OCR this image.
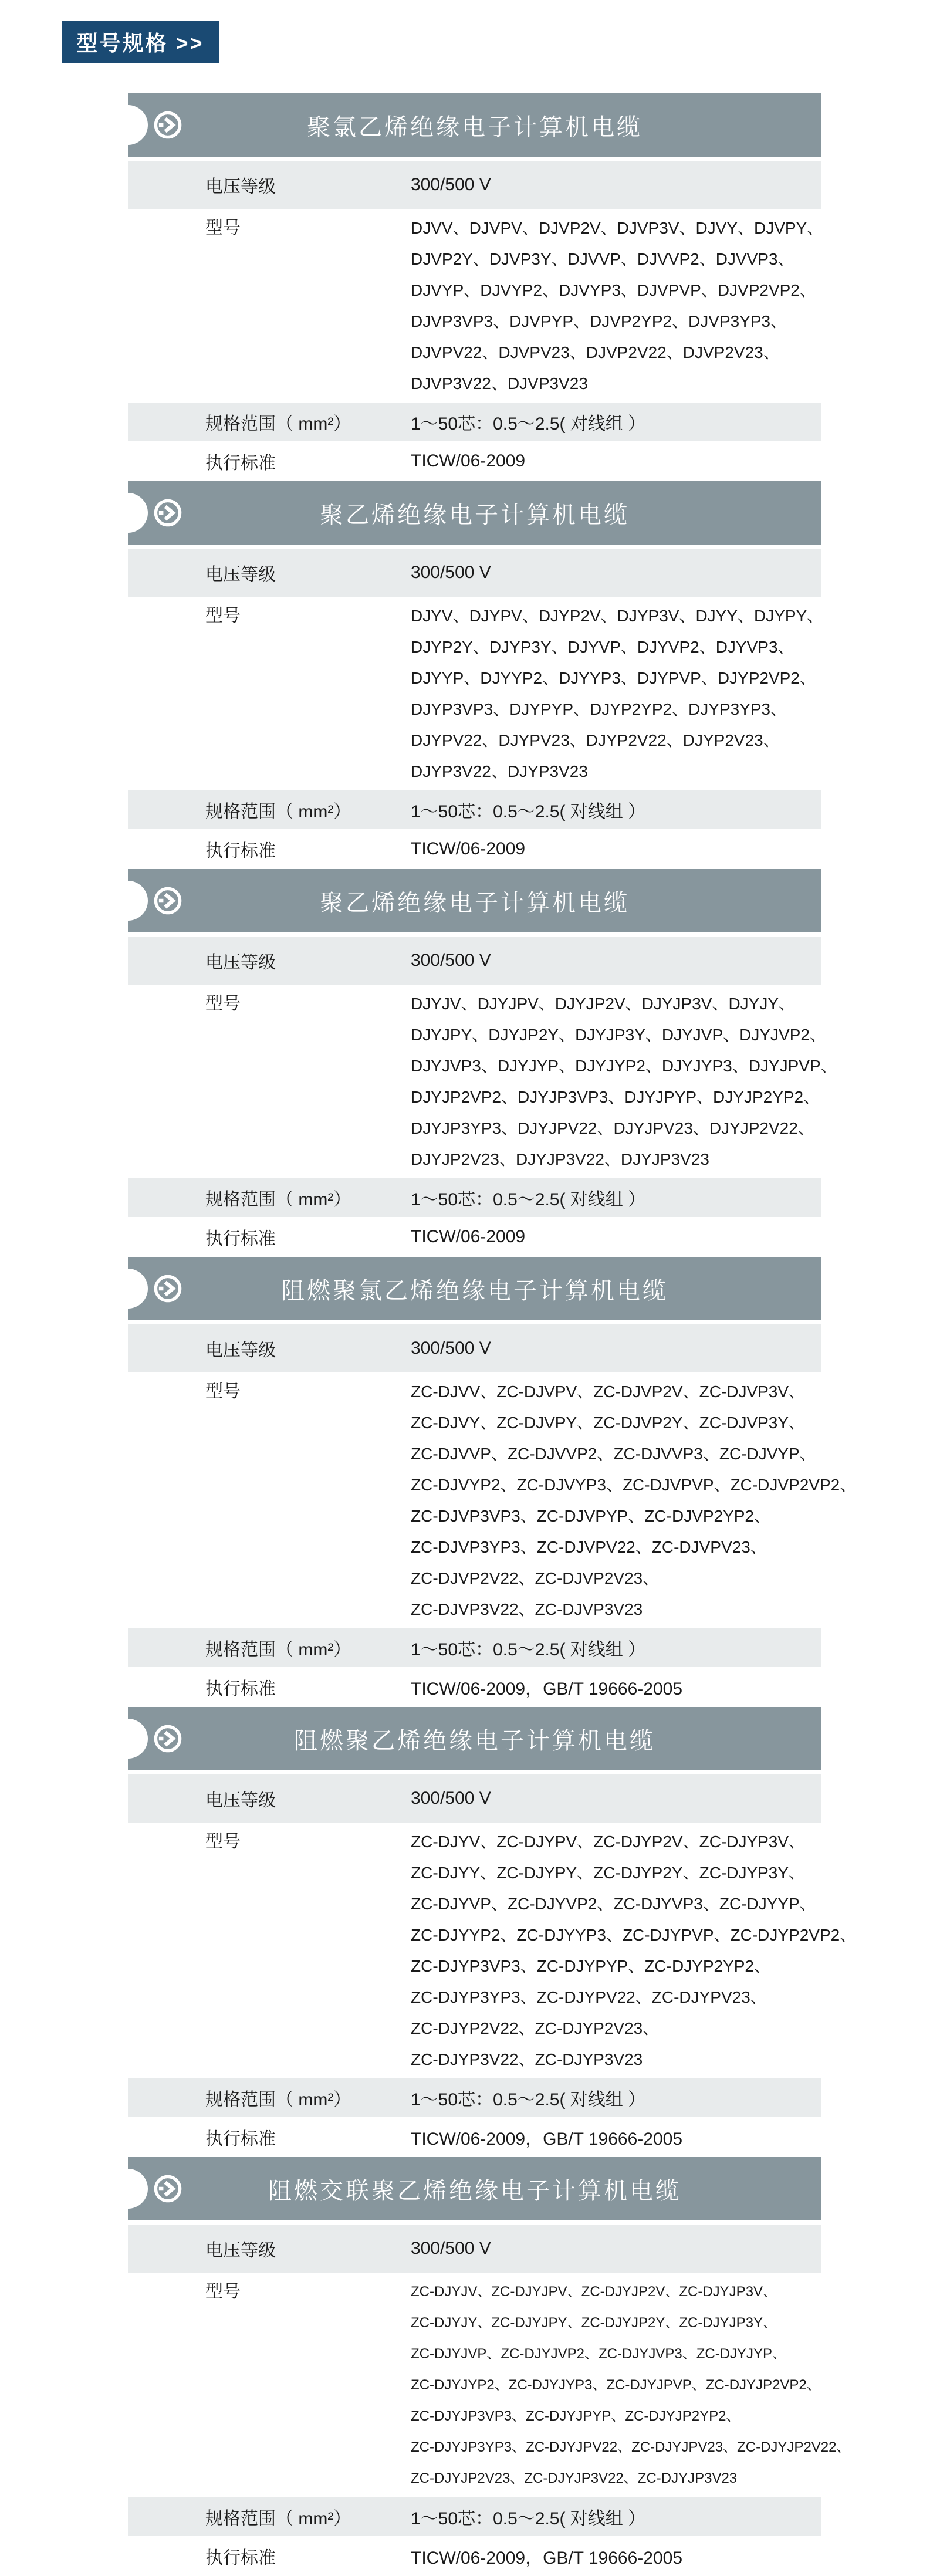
型号规格 >>
聚氯乙烯绝缘电子计算机电缆
电压等级	300/500 V
型号	DJVV、DJVPV、DJVP2V、DJVP3V、DJVY、DJVPY、
DJVP2Y、DJVP3Y、DJVVP、DJVVP2、DJVVP3、
DJVYP、DJVYP2、DJVYP3、DJVPVP、DJVP2VP2、
DJVP3VP3、DJVPYP、DJVP2YP2、DJVP3YP3、
DJVPV22、DJVPV23、DJVP2V22、DJVP2V23、
DJVP3V22、DJVP3V23
规格范围（ mm²）	1～50芯：0.5～2.5( 对线组 ）
执行标准	TICW/06-2009
聚乙烯绝缘电子计算机电缆
电压等级	300/500 V
型号	DJYV、DJYPV、DJYP2V、DJYP3V、DJYY、DJYPY、
DJYP2Y、DJYP3Y、DJYVP、DJYVP2、DJYVP3、
DJYYP、DJYYP2、DJYYP3、DJYPVP、DJYP2VP2、
DJYP3VP3、DJYPYP、DJYP2YP2、DJYP3YP3、
DJYPV22、DJYPV23、DJYP2V22、DJYP2V23、
DJYP3V22、DJYP3V23
规格范围（ mm²）	1～50芯：0.5～2.5( 对线组 ）
执行标准	TICW/06-2009
聚乙烯绝缘电子计算机电缆
电压等级	300/500 V
型号	DJYJV、DJYJPV、DJYJP2V、DJYJP3V、DJYJY、
DJYJPY、DJYJP2Y、DJYJP3Y、DJYJVP、DJYJVP2、
DJYJVP3、DJYJYP、DJYJYP2、DJYJYP3、DJYJPVP、
DJYJP2VP2、DJYJP3VP3、DJYJPYP、DJYJP2YP2、
DJYJP3YP3、DJYJPV22、DJYJPV23、DJYJP2V22、
DJYJP2V23、DJYJP3V22、DJYJP3V23
规格范围（ mm²）	1～50芯：0.5～2.5( 对线组 ）
执行标准	TICW/06-2009
阻燃聚氯乙烯绝缘电子计算机电缆
电压等级	300/500 V
型号	ZC-DJVV、ZC-DJVPV、ZC-DJVP2V、ZC-DJVP3V、
ZC-DJVY、ZC-DJVPY、ZC-DJVP2Y、ZC-DJVP3Y、
ZC-DJVVP、ZC-DJVVP2、ZC-DJVVP3、ZC-DJVYP、
ZC-DJVYP2、ZC-DJVYP3、ZC-DJVPVP、ZC-DJVP2VP2、
ZC-DJVP3VP3、ZC-DJVPYP、ZC-DJVP2YP2、
ZC-DJVP3YP3、ZC-DJVPV22、ZC-DJVPV23、
ZC-DJVP2V22、ZC-DJVP2V23、
ZC-DJVP3V22、ZC-DJVP3V23
规格范围（ mm²）	1～50芯：0.5～2.5( 对线组 ）
执行标准	TICW/06-2009，GB/T 19666-2005
阻燃聚乙烯绝缘电子计算机电缆
电压等级	300/500 V
型号	ZC-DJYV、ZC-DJYPV、ZC-DJYP2V、ZC-DJYP3V、
ZC-DJYY、ZC-DJYPY、ZC-DJYP2Y、ZC-DJYP3Y、
ZC-DJYVP、ZC-DJYVP2、ZC-DJYVP3、ZC-DJYYP、
ZC-DJYYP2、ZC-DJYYP3、ZC-DJYPVP、ZC-DJYP2VP2、
ZC-DJYP3VP3、ZC-DJYPYP、ZC-DJYP2YP2、
ZC-DJYP3YP3、ZC-DJYPV22、ZC-DJYPV23、
ZC-DJYP2V22、ZC-DJYP2V23、
ZC-DJYP3V22、ZC-DJYP3V23
规格范围（ mm²）	1～50芯：0.5～2.5( 对线组 ）
执行标准	TICW/06-2009，GB/T 19666-2005
阻燃交联聚乙烯绝缘电子计算机电缆
电压等级	300/500 V
型号	ZC-DJYJV、ZC-DJYJPV、ZC-DJYJP2V、ZC-DJYJP3V、
ZC-DJYJY、ZC-DJYJPY、ZC-DJYJP2Y、ZC-DJYJP3Y、
ZC-DJYJVP、ZC-DJYJVP2、ZC-DJYJVP3、ZC-DJYJYP、
ZC-DJYJYP2、ZC-DJYJYP3、ZC-DJYJPVP、ZC-DJYJP2VP2、
ZC-DJYJP3VP3、ZC-DJYJPYP、ZC-DJYJP2YP2、
ZC-DJYJP3YP3、ZC-DJYJPV22、ZC-DJYJPV23、ZC-DJYJP2V22、
ZC-DJYJP2V23、ZC-DJYJP3V22、ZC-DJYJP3V23
规格范围（ mm²）	1～50芯：0.5～2.5( 对线组 ）
执行标准	TICW/06-2009，GB/T 19666-2005
